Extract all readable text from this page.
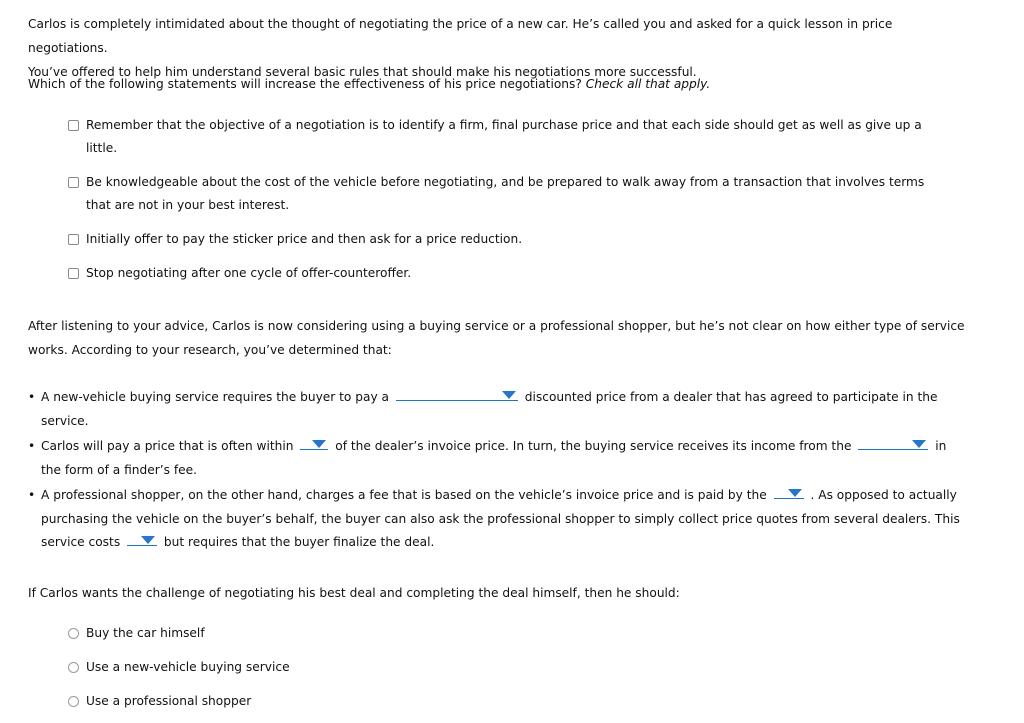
Carlos is completely intimidated about the thought of negotiating the price of a new car. He’s called you and asked for a quick lesson in price negotiations.
You’ve offered to help him understand several basic rules that should make his negotiations more successful.

Which of the following statements will increase the effectiveness of his price negotiations? Check all that apply.

Remember that the objective of a negotiation is to identify a firm, final purchase price and that each side should get as well as give up a little.
Be knowledgeable about the cost of the vehicle before negotiating, and be prepared to walk away from a transaction that involves terms that are not in your best interest.
Initially offer to pay the sticker price and then ask for a price reduction.
Stop negotiating after one cycle of offer-counteroffer.

After listening to your advice, Carlos is now considering using a buying service or a professional shopper, but he’s not clear on how either type of service works. According to your research, you’ve determined that:

• A new-vehicle buying service requires the buyer to pay a	discounted price from a dealer that has agreed to participate in the service.
• Carlos will pay a price that is often within	of the dealer’s invoice price. In turn, the buying service receives its income from the	in the form of a finder’s fee.
• A professional shopper, on the other hand, charges a fee that is based on the vehicle’s invoice price and is paid by the	. As opposed to actually purchasing the vehicle on the buyer’s behalf, the buyer can also ask the professional shopper to simply collect price quotes from several dealers. This service costs	but requires that the buyer finalize the deal.

If Carlos wants the challenge of negotiating his best deal and completing the deal himself, then he should:

Buy the car himself
Use a new-vehicle buying service
Use a professional shopper
